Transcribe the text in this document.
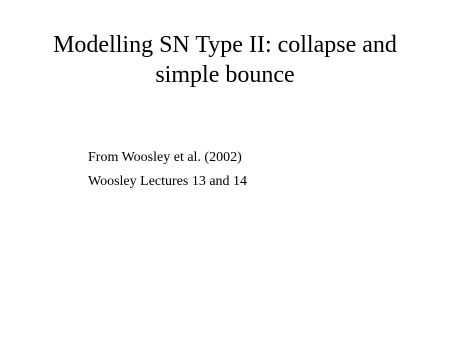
Modelling SN Type II: collapse and
simple bounce
From Woosley et al. (2002)
Woosley Lectures 13 and 14
